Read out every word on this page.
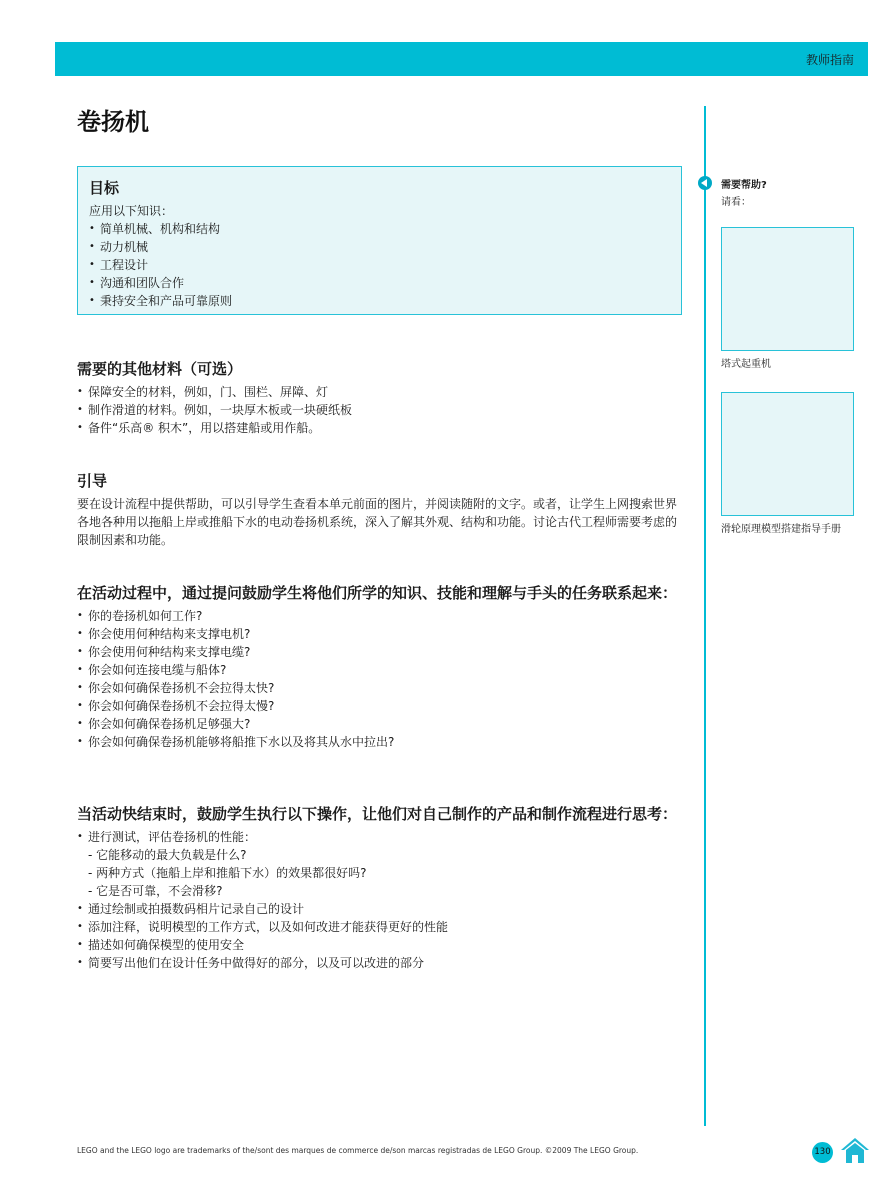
教师指南
卷扬机
目标
应用以下知识：
• 简单机械、机构和结构
• 动力机械
• 工程设计
• 沟通和团队合作
• 秉持安全和产品可靠原则
需要的其他材料（可选）
• 保障安全的材料，例如，门、围栏、屏障、灯
• 制作滑道的材料。例如，一块厚木板或一块硬纸板
• 备件“乐高® 积木”，用以搭建船或用作船。
引导

要在设计流程中提供帮助，可以引导学生查看本单元前面的图片，并阅读随附的文字。或者，让学生上网搜索世界各地各种用以拖船上岸或推船下水的电动卷扬机系统，深入了解其外观、结构和功能。讨论古代工程师需要考虑的限制因素和功能。

在活动过程中，通过提问鼓励学生将他们所学的知识、技能和理解与手头的任务联系起来：
• 你的卷扬机如何工作?
• 你会使用何种结构来支撑电机?
• 你会使用何种结构来支撑电缆?
• 你会如何连接电缆与船体?
• 你会如何确保卷扬机不会拉得太快?
• 你会如何确保卷扬机不会拉得太慢?
• 你会如何确保卷扬机足够强大?
• 你会如何确保卷扬机能够将船推下水以及将其从水中拉出?
当活动快结束时，鼓励学生执行以下操作，让他们对自己制作的产品和制作流程进行思考：
• 进行测试，评估卷扬机的性能：
- 它能移动的最大负载是什么?
- 两种方式（拖船上岸和推船下水）的效果都很好吗?
- 它是否可靠，不会滑移?
• 通过绘制或拍摄数码相片记录自己的设计
• 添加注释，说明模型的工作方式，以及如何改进才能获得更好的性能
• 描述如何确保模型的使用安全
• 简要写出他们在设计任务中做得好的部分，以及可以改进的部分
需要帮助?
请看：
塔式起重机
滑轮原理模型搭建指导手册
LEGO and the LEGO logo are trademarks of the/sont des marques de commerce de/son marcas registradas de LEGO Group. ©2009 The LEGO Group.	130
